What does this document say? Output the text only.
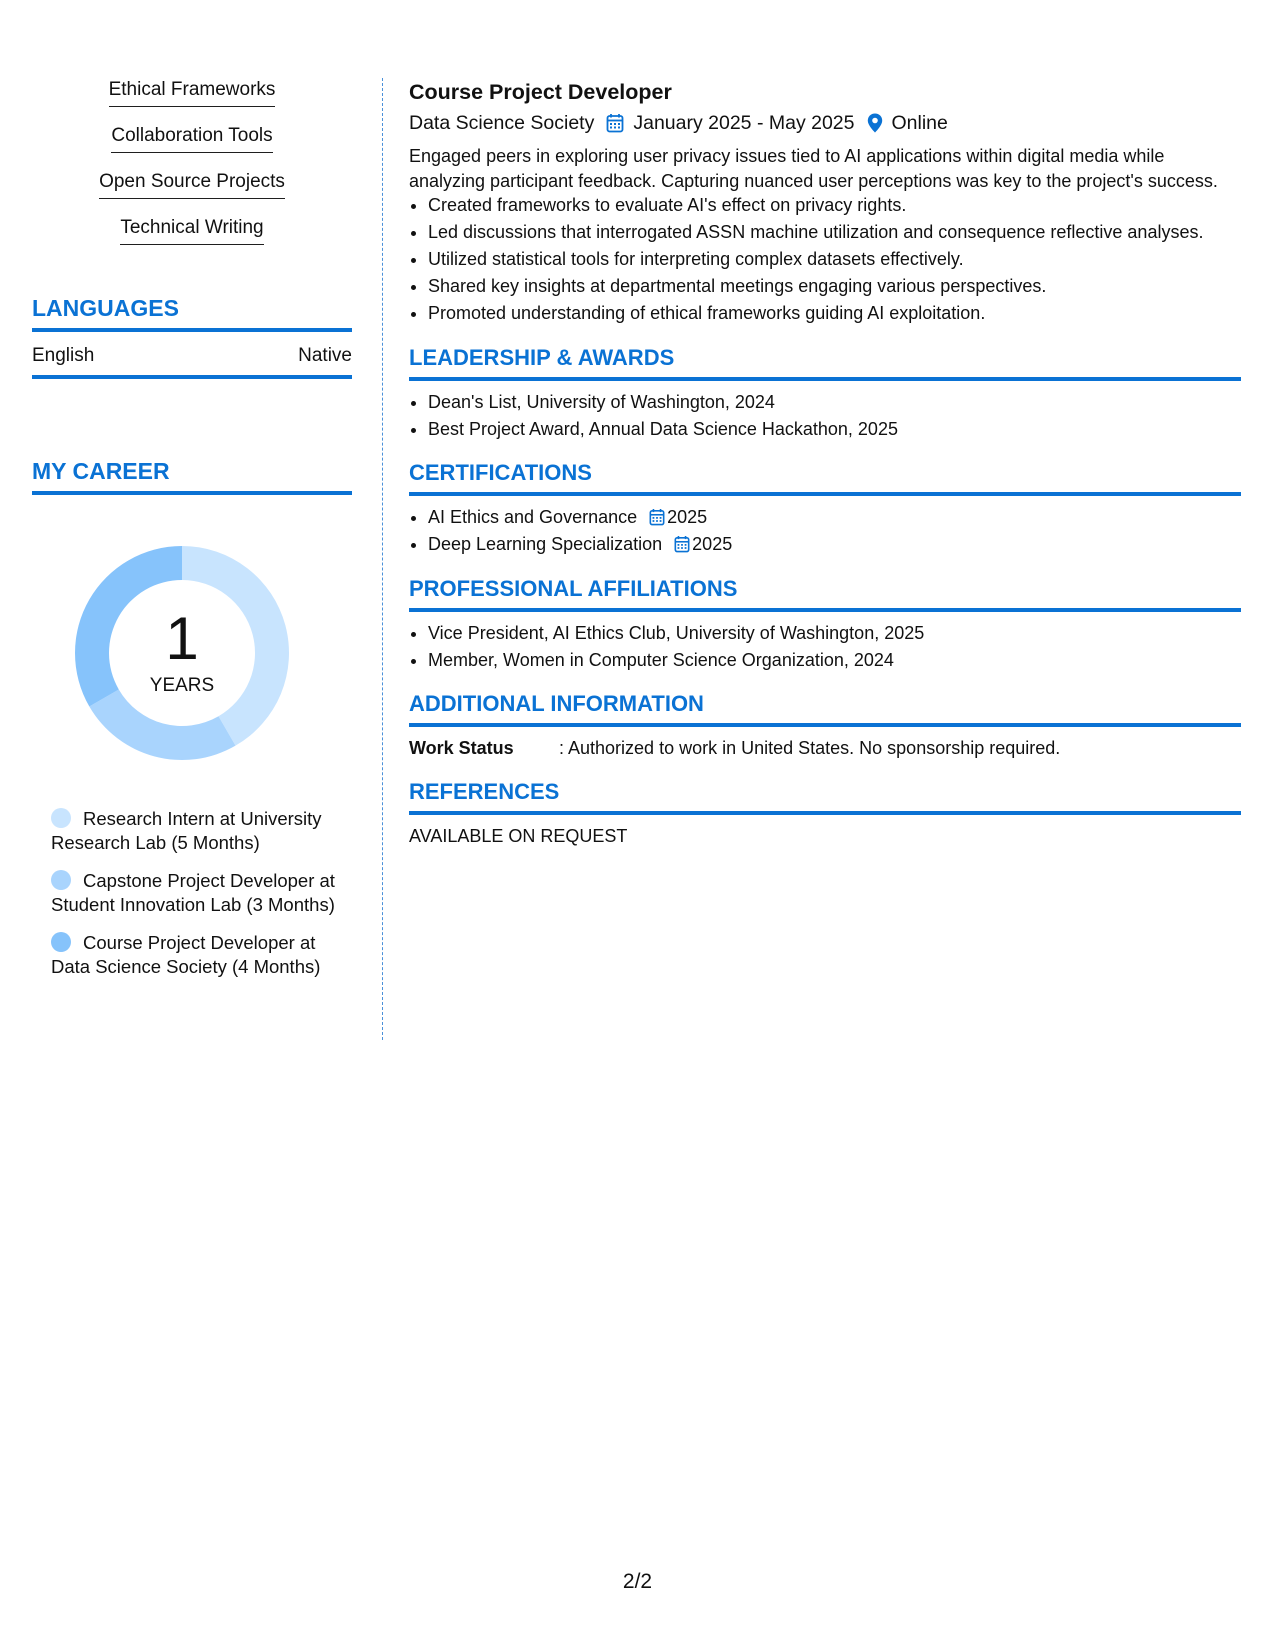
Ethical Frameworks
Collaboration Tools
Open Source Projects
Technical Writing
LANGUAGES
English	Native
MY CAREER
1
YEARS
Research Intern at University Research Lab (5 Months)
Capstone Project Developer at Student Innovation Lab (3 Months)
Course Project Developer at Data Science Society (4 Months)
Course Project Developer
Data Science Society January 2025 - May 2025 Online
Engaged peers in exploring user privacy issues tied to AI applications within digital media while analyzing participant feedback. Capturing nuanced user perceptions was key to the project's success.
• Created frameworks to evaluate AI's effect on privacy rights.
• Led discussions that interrogated ASSN machine utilization and consequence reflective analyses.
• Utilized statistical tools for interpreting complex datasets effectively.
• Shared key insights at departmental meetings engaging various perspectives.
• Promoted understanding of ethical frameworks guiding AI exploitation.
LEADERSHIP & AWARDS
• Dean's List, University of Washington, 2024
• Best Project Award, Annual Data Science Hackathon, 2025
CERTIFICATIONS
• AI Ethics and Governance 2025
• Deep Learning Specialization 2025
PROFESSIONAL AFFILIATIONS
• Vice President, AI Ethics Club, University of Washington, 2025
• Member, Women in Computer Science Organization, 2024
ADDITIONAL INFORMATION
Work Status	: Authorized to work in United States. No sponsorship required.
REFERENCES
AVAILABLE ON REQUEST
2/2
